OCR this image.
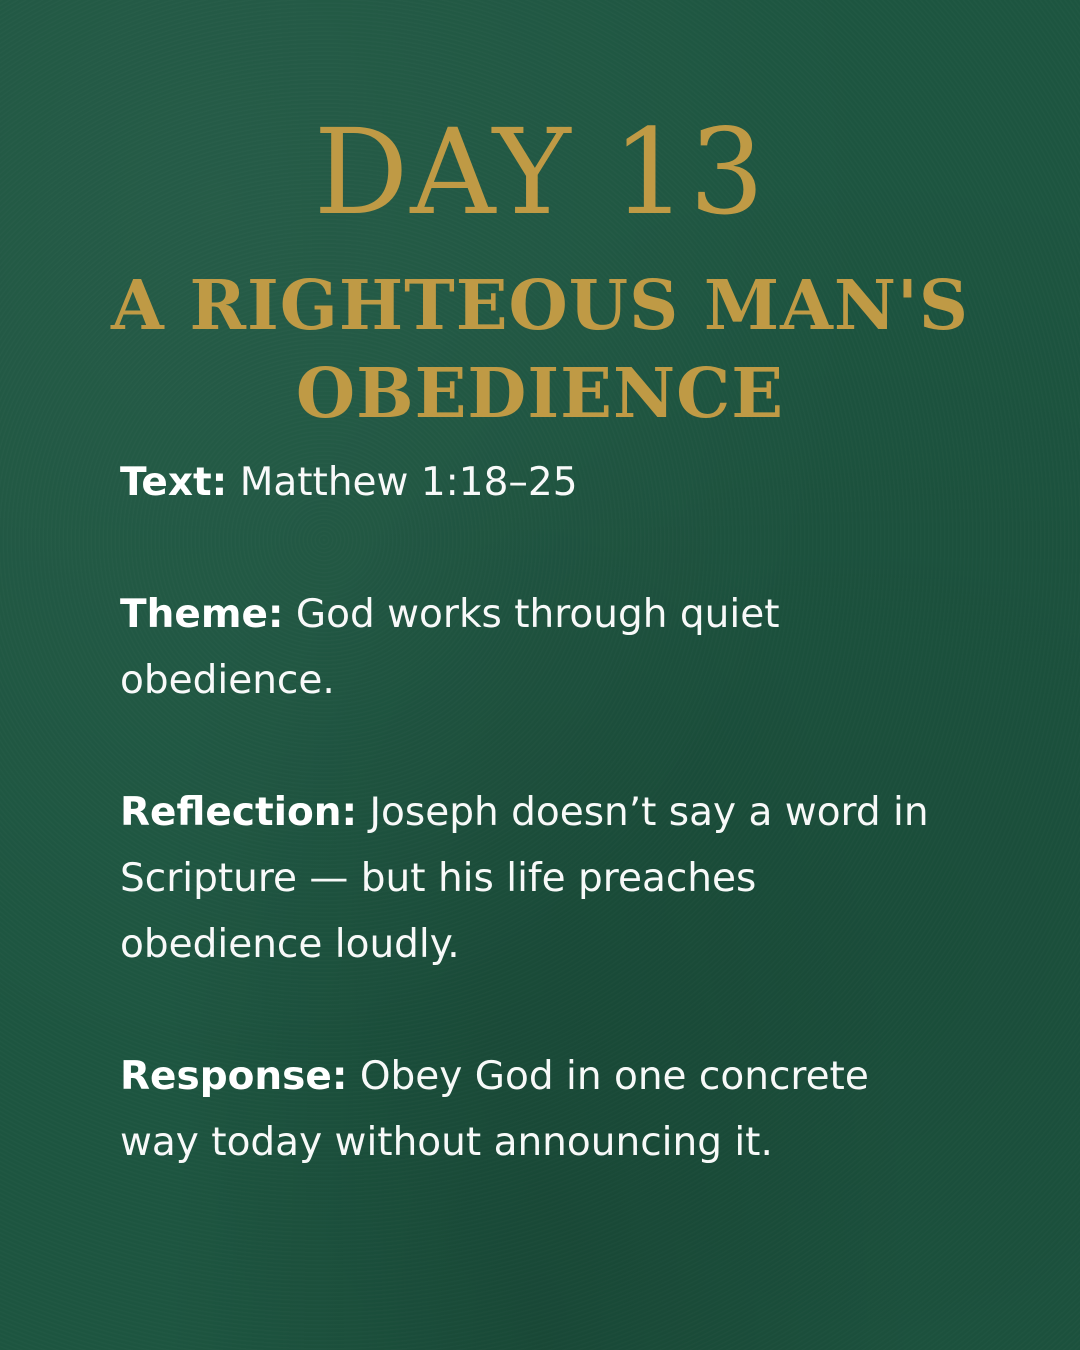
DAY 13
A RIGHTEOUS MAN'S
OBEDIENCE

Text: Matthew 1:18–25

Theme: God works through quiet obedience.

Reflection: Joseph doesn’t say a word in Scripture — but his life preaches obedience loudly.

Response: Obey God in one concrete way today without announcing it.
